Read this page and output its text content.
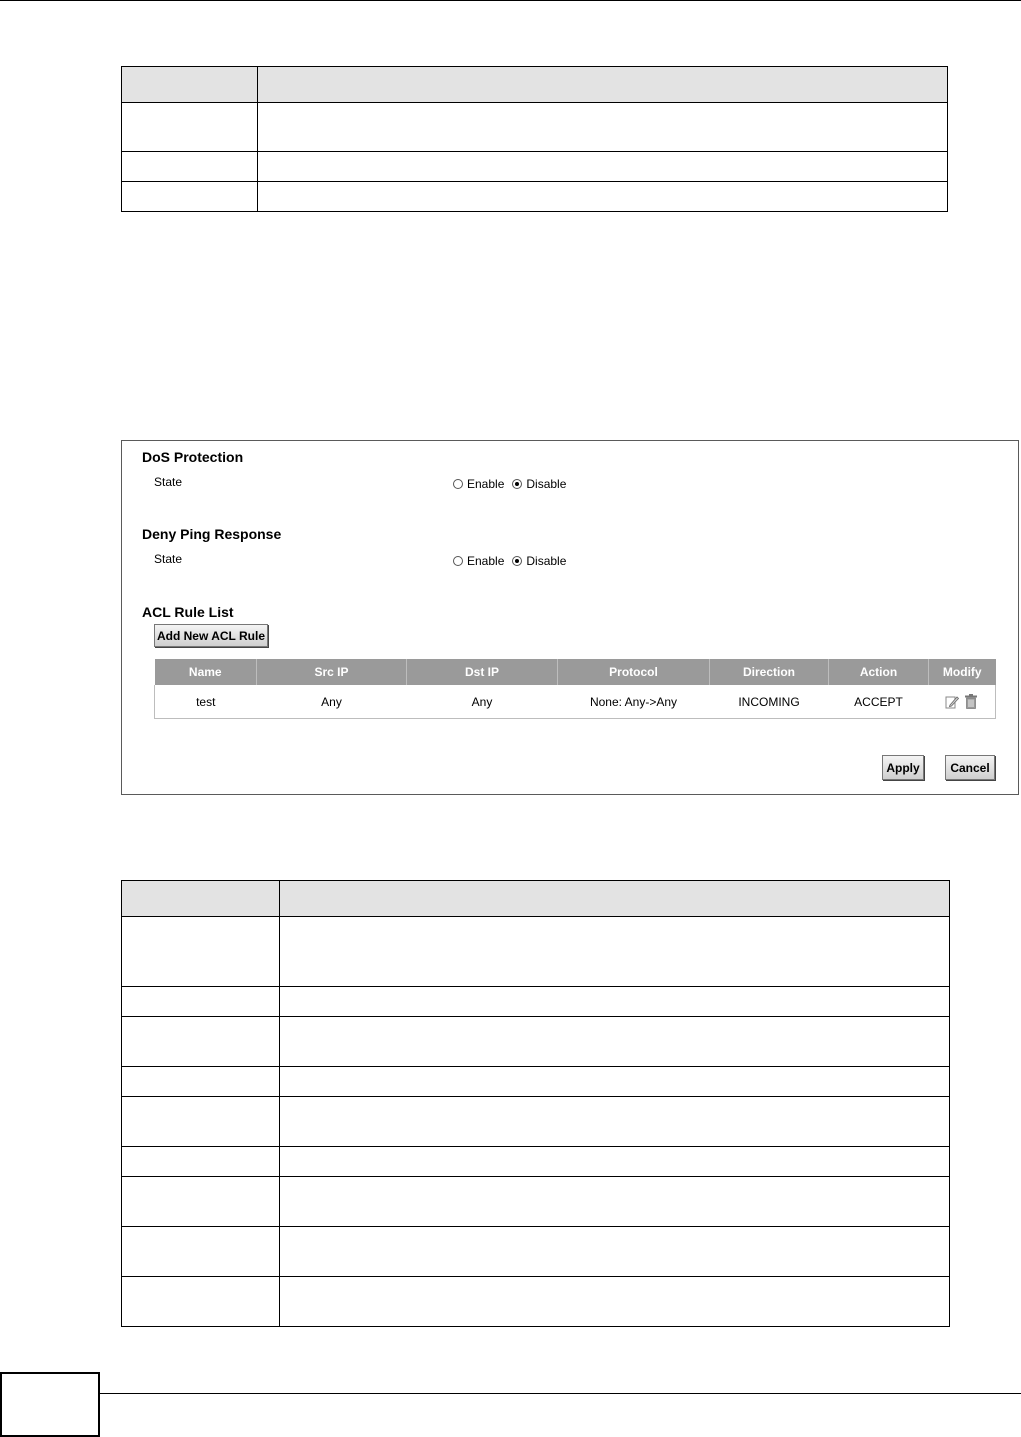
DoS Protection
State	Enable Disable
Deny Ping Response
State	Enable Disable
ACL Rule List
Add New ACL Rule
Name	Src IP	Dst IP	Protocol	Direction	Action	Modify
test	Any	Any	None: Any->Any	INCOMING	ACCEPT	
Apply	Cancel
